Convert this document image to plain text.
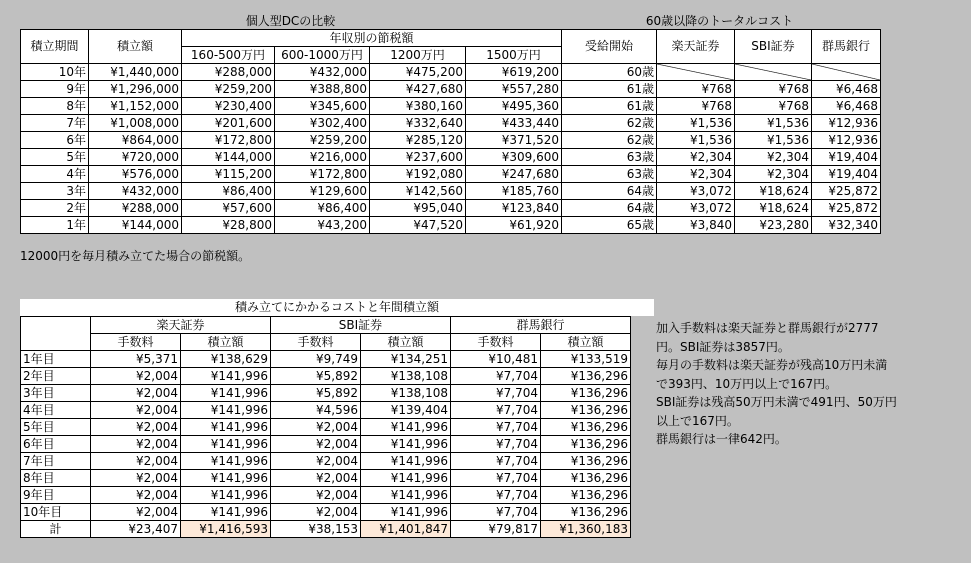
個人型DCの比較	60歳以降のトータルコスト
積立期間	積立額	年収別の節税額				受給開始	楽天証券	SBI証券	群馬銀行
		160-500万円	600-1000万円	1200万円	1500万円				
10年	¥1,440,000	¥288,000	¥432,000	¥475,200	¥619,200	60歳			
9年	¥1,296,000	¥259,200	¥388,800	¥427,680	¥557,280	61歳	¥768	¥768	¥6,468
8年	¥1,152,000	¥230,400	¥345,600	¥380,160	¥495,360	61歳	¥768	¥768	¥6,468
7年	¥1,008,000	¥201,600	¥302,400	¥332,640	¥433,440	62歳	¥1,536	¥1,536	¥12,936
6年	¥864,000	¥172,800	¥259,200	¥285,120	¥371,520	62歳	¥1,536	¥1,536	¥12,936
5年	¥720,000	¥144,000	¥216,000	¥237,600	¥309,600	63歳	¥2,304	¥2,304	¥19,404
4年	¥576,000	¥115,200	¥172,800	¥192,080	¥247,680	63歳	¥2,304	¥2,304	¥19,404
3年	¥432,000	¥86,400	¥129,600	¥142,560	¥185,760	64歳	¥3,072	¥18,624	¥25,872
2年	¥288,000	¥57,600	¥86,400	¥95,040	¥123,840	64歳	¥3,072	¥18,624	¥25,872
1年	¥144,000	¥28,800	¥43,200	¥47,520	¥61,920	65歳	¥3,840	¥23,280	¥32,340
12000円を毎月積み立てた場合の節税額。
積み立てにかかるコストと年間積立額
	楽天証券		SBI証券		群馬銀行	
	手数料	積立額	手数料	積立額	手数料	積立額
1年目	¥5,371	¥138,629	¥9,749	¥134,251	¥10,481	¥133,519
2年目	¥2,004	¥141,996	¥5,892	¥138,108	¥7,704	¥136,296
3年目	¥2,004	¥141,996	¥5,892	¥138,108	¥7,704	¥136,296
4年目	¥2,004	¥141,996	¥4,596	¥139,404	¥7,704	¥136,296
5年目	¥2,004	¥141,996	¥2,004	¥141,996	¥7,704	¥136,296
6年目	¥2,004	¥141,996	¥2,004	¥141,996	¥7,704	¥136,296
7年目	¥2,004	¥141,996	¥2,004	¥141,996	¥7,704	¥136,296
8年目	¥2,004	¥141,996	¥2,004	¥141,996	¥7,704	¥136,296
9年目	¥2,004	¥141,996	¥2,004	¥141,996	¥7,704	¥136,296
10年目	¥2,004	¥141,996	¥2,004	¥141,996	¥7,704	¥136,296
計	¥23,407	¥1,416,593	¥38,153	¥1,401,847	¥79,817	¥1,360,183
加入手数料は楽天証券と群馬銀行が2777
円。SBI証券は3857円。
毎月の手数料は楽天証券が残高10万円未満
で393円、10万円以上で167円。
SBI証券は残高50万円未満で491円、50万円
以上で167円。
群馬銀行は一律642円。
